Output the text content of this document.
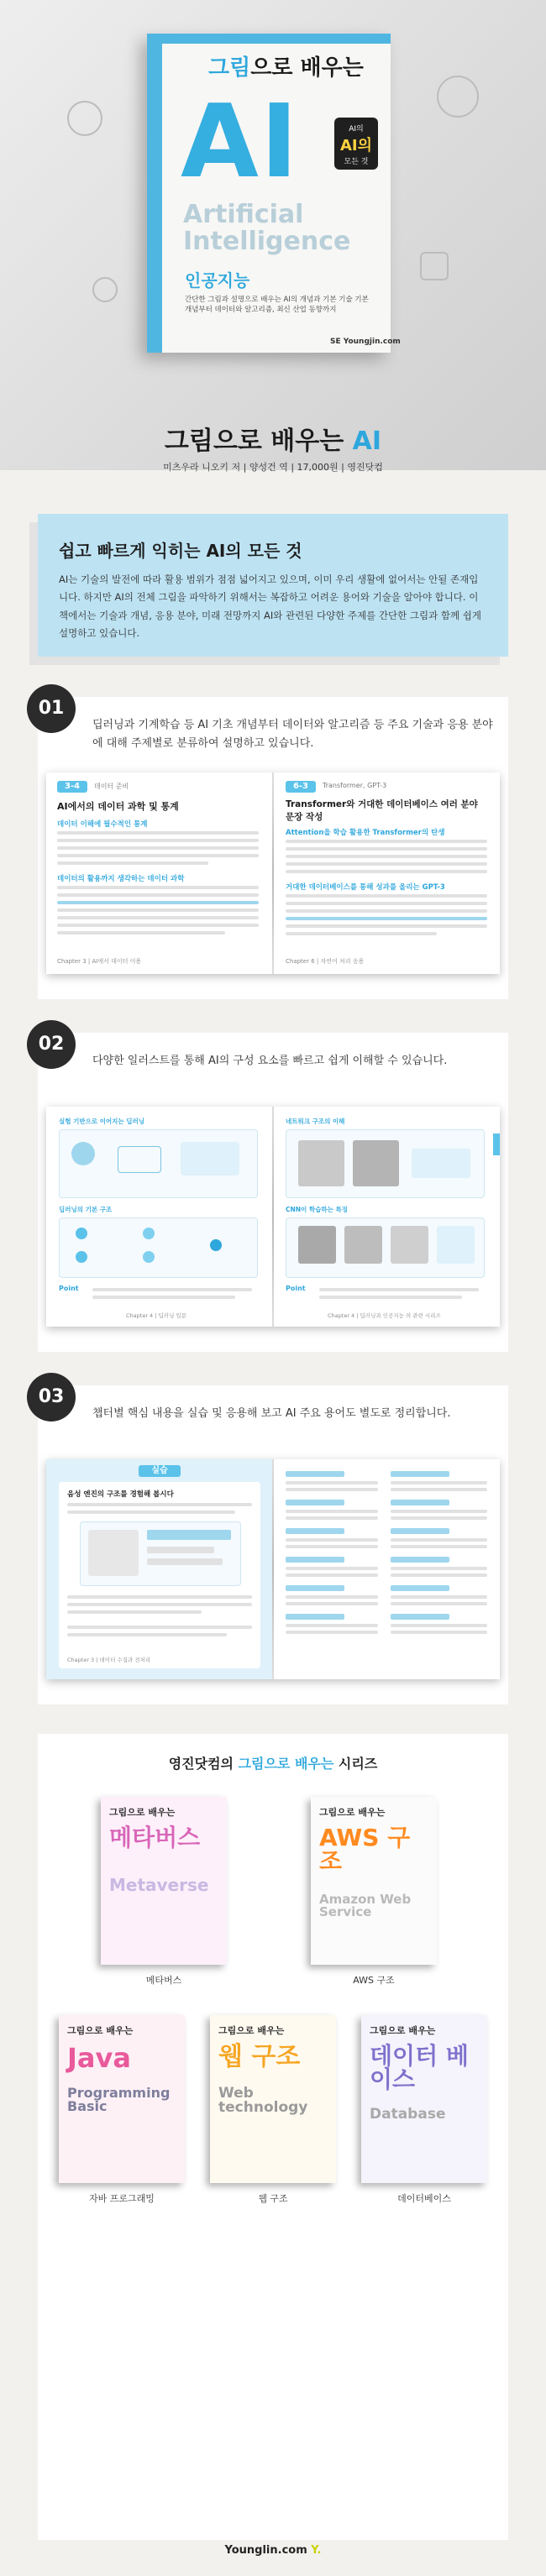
그림으로 배우는
AI
Artificial
Intelligence
인공지능
간단한 그림과 설명으로 배우는 AI의 개념과 기본 기술 기본 개념부터 데이터와 알고리즘, 최신 산업 동향까지
AI의
AI의
모든 것
SE Youngjin.com
그림으로 배우는 AI
미츠우라 니오키 저 | 양성건 역 | 17,000원 | 영진닷컴
쉽고 빠르게 익히는 AI의 모든 것
AI는 기술의 발전에 따라 활용 범위가 점점 넓어지고 있으며, 이미 우리 생활에 없어서는 안될 존재입니다. 하지만 AI의 전체 그림을 파악하기 위해서는 복잡하고 어려운 용어와 기술을 알아야 합니다. 이 책에서는 기술과 개념, 응용 분야, 미래 전망까지 AI와 관련된 다양한 주제를 간단한 그림과 함께 쉽게 설명하고 있습니다.
01
딥러닝과 기계학습 등 AI 기초 개념부터 데이터와 알고리즘 등 주요 기술과 응용 분야에 대해 주제별로 분류하여 설명하고 있습니다.
3-4	데이터 준비
AI에서의 데이터 과학 및 통계
데이터 이해에 필수적인 통계
데이터의 활용까지 생각하는 데이터 과학
Chapter 3 | AI에서 데이터 이용
6-3	Transformer, GPT-3
Transformer와 거대한 데이터베이스 여러 분야 문장 작성
Attention을 학습 활용한 Transformer의 탄생
거대한 데이터베이스를 통해 성과를 올리는 GPT-3
Chapter 6 | 자연어 처리 응용
02
다양한 일러스트를 통해 AI의 구성 요소를 빠르고 쉽게 이해할 수 있습니다.
실험 기반으로 이어지는 딥러닝
딥러닝의 기본 구조
Point
Chapter 4 | 딥러닝 입문
네트워크 구조의 이해
CNN이 학습하는 특징
Point
Chapter 4 | 딥러닝과 인공지능 의 관련 시리즈
03
챕터별 핵심 내용을 실습 및 응용해 보고 AI 주요 용어도 별도로 정리합니다.
실습
음성 엔진의 구조를 경험해 봅시다
Chapter 3 | 데이터 수집과 전처리
영진닷컴의 그림으로 배우는 시리즈
그림으로 배우는
메타버스
Metaverse
메타버스
그림으로 배우는
AWS 구조
Amazon Web Service
AWS 구조
그림으로 배우는
Java
Programming Basic
자바 프로그래밍
그림으로 배우는
웹 구조
Web technology
웹 구조
그림으로 배우는
데이터 베이스
Database
데이터베이스
Younglin.com Y.
